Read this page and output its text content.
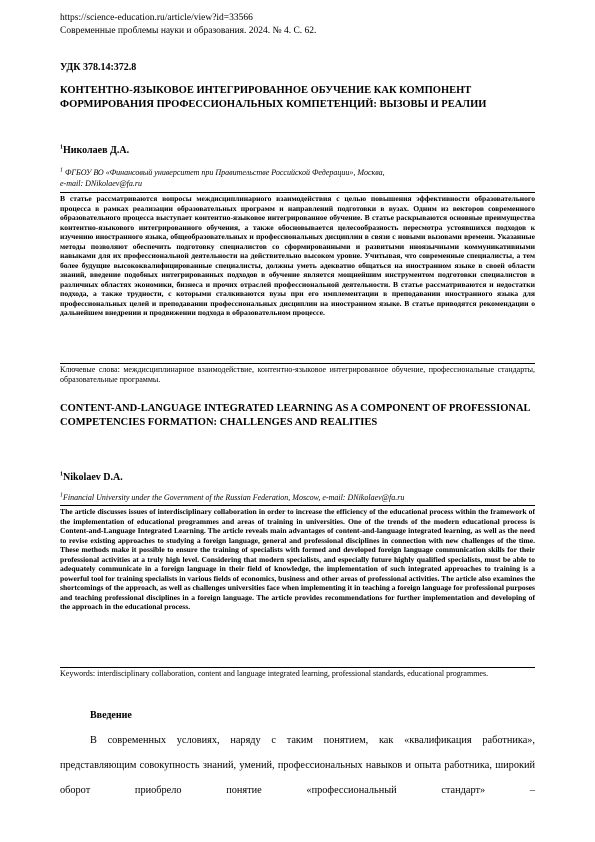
https://science-education.ru/article/view?id=33566
Современные проблемы науки и образования. 2024. № 4. С. 62.
УДК 378.14:372.8
КОНТЕНТНО-ЯЗЫКОВОЕ ИНТЕГРИРОВАННОЕ ОБУЧЕНИЕ КАК КОМПОНЕНТ ФОРМИРОВАНИЯ ПРОФЕССИОНАЛЬНЫХ КОМПЕТЕНЦИЙ: ВЫЗОВЫ И РЕАЛИИ
$^1$Николаев Д.А.
$^1$ ФГБОУ ВО «Финансовый университет при Правительстве Российской Федерации», Москва,
e-mail: DNikolaev@fa.ru
В статье рассматриваются вопросы междисциплинарного взаимодействия с целью повышения эффективности образовательного процесса в рамках реализации образовательных программ и направлений подготовки в вузах. Одним из векторов современного образовательного процесса выступает контентно-языковое интегрированное обучение. В статье раскрываются основные преимущества контентно-языкового интегрированного обучения, а также обосновывается целесообразность пересмотра устоявшихся подходов к изучению иностранного языка, общеобразовательных и профессиональных дисциплин в связи с новыми вызовами времени. Указанные методы позволяют обеспечить подготовку специалистов со сформированными и развитыми иноязычными коммуникативными навыками для их профессиональной деятельности на действительно высоком уровне. Учитывая, что современные специалисты, а тем более будущие высококвалифицированные специалисты, должны уметь адекватно общаться на иностранном языке в своей области знаний, введение подобных интегрированных подходов в обучение является мощнейшим инструментом подготовки специалистов в различных областях экономики, бизнеса и прочих отраслей профессиональной деятельности. В статье рассматриваются и недостатки подхода, а также трудности, с которыми сталкиваются вузы при его имплементации в преподавании иностранного языка для профессиональных целей и преподавании профессиональных дисциплин на иностранном языке. В статье приводятся рекомендации о дальнейшем внедрении и продвижении подхода в образовательном процессе.
Ключевые слова: междисциплинарное взаимодействие, контентно-языковое интегрированное обучение, профессиональные стандарты, образовательные программы.
CONTENT-AND-LANGUAGE INTEGRATED LEARNING AS A COMPONENT OF PROFESSIONAL COMPETENCIES FORMATION: CHALLENGES AND REALITIES
$^1$Nikolaev D.A.
$^1$Financial University under the Government of the Russian Federation, Moscow, e-mail: DNikolaev@fa.ru
The article discusses issues of interdisciplinary collaboration in order to increase the efficiency of the educational process within the framework of the implementation of educational programmes and areas of training in universities. One of the trends of the modern educational process is Content-and-Language Integrated Learning. The article reveals main advantages of content-and-language integrated learning, as well as the need to revise existing approaches to studying a foreign language, general and professional disciplines in connection with new challenges of the time. These methods make it possible to ensure the training of specialists with formed and developed foreign language communication skills for their professional activities at a truly high level. Considering that modern specialists, and especially future highly qualified specialists, must be able to adequately communicate in a foreign language in their field of knowledge, the implementation of such integrated approaches to training is a powerful tool for training specialists in various fields of economics, business and other areas of professional activities. The article also examines the shortcomings of the approach, as well as challenges universities face when implementing it in teaching a foreign language for professional purposes and teaching professional disciplines in a foreign language. The article provides recommendations for further implementation and developing of the approach in the educational process.
Keywords: interdisciplinary collaboration, content and language integrated learning, professional standards, educational programmes.
Введение

В современных условиях, наряду с таким понятием, как «квалификация работника», представляющим совокупность знаний, умений, профессиональных навыков и опыта работника, широкий оборот приобрело понятие «профессиональный стандарт» –
